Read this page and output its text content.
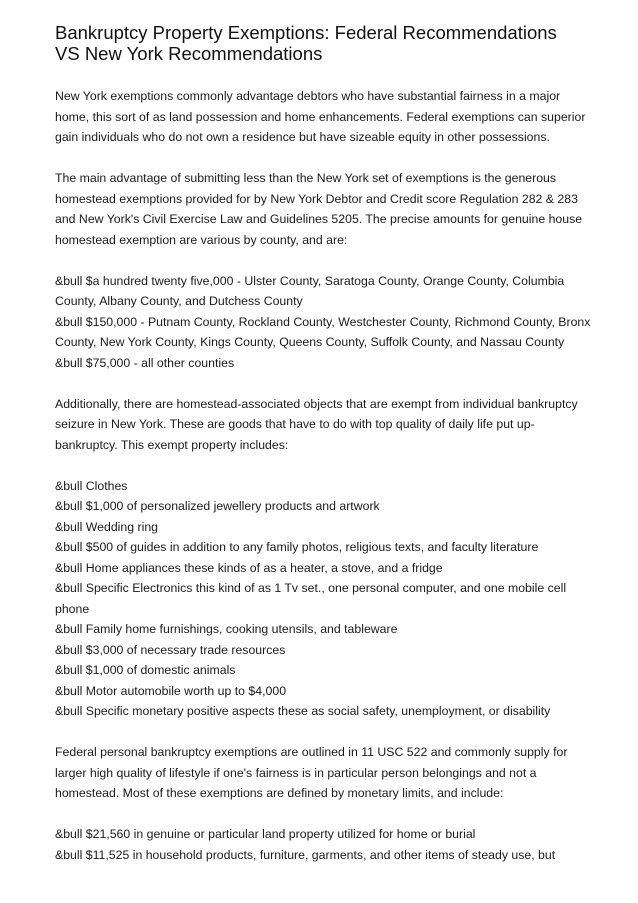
Bankruptcy Property Exemptions: Federal Recommendations
VS New York Recommendations

New York exemptions commonly advantage debtors who have substantial fairness in a major home, this sort of as land possession and home enhancements. Federal exemptions can superior gain individuals who do not own a residence but have sizeable equity in other possessions.

The main advantage of submitting less than the New York set of exemptions is the generous homestead exemptions provided for by New York Debtor and Credit score Regulation 282 & 283 and New York's Civil Exercise Law and Guidelines 5205. The precise amounts for genuine house homestead exemption are various by county, and are:

&bull $a hundred twenty five,000 - Ulster County, Saratoga County, Orange County, Columbia County, Albany County, and Dutchess County
&bull $150,000 - Putnam County, Rockland County, Westchester County, Richmond County, Bronx County, New York County, Kings County, Queens County, Suffolk County, and Nassau County
&bull $75,000 - all other counties

Additionally, there are homestead-associated objects that are exempt from individual bankruptcy seizure in New York. These are goods that have to do with top quality of daily life put up-bankruptcy. This exempt property includes:

&bull Clothes
&bull $1,000 of personalized jewellery products and artwork
&bull Wedding ring
&bull $500 of guides in addition to any family photos, religious texts, and faculty literature
&bull Home appliances these kinds of as a heater, a stove, and a fridge
&bull Specific Electronics this kind of as 1 Tv set., one personal computer, and one mobile cell phone
&bull Family home furnishings, cooking utensils, and tableware
&bull $3,000 of necessary trade resources
&bull $1,000 of domestic animals
&bull Motor automobile worth up to $4,000
&bull Specific monetary positive aspects these as social safety, unemployment, or disability

Federal personal bankruptcy exemptions are outlined in 11 USC 522 and commonly supply for larger high quality of lifestyle if one's fairness is in particular person belongings and not a homestead. Most of these exemptions are defined by monetary limits, and include:

&bull $21,560 in genuine or particular land property utilized for home or burial
&bull $11,525 in household products, furniture, garments, and other items of steady use, but
